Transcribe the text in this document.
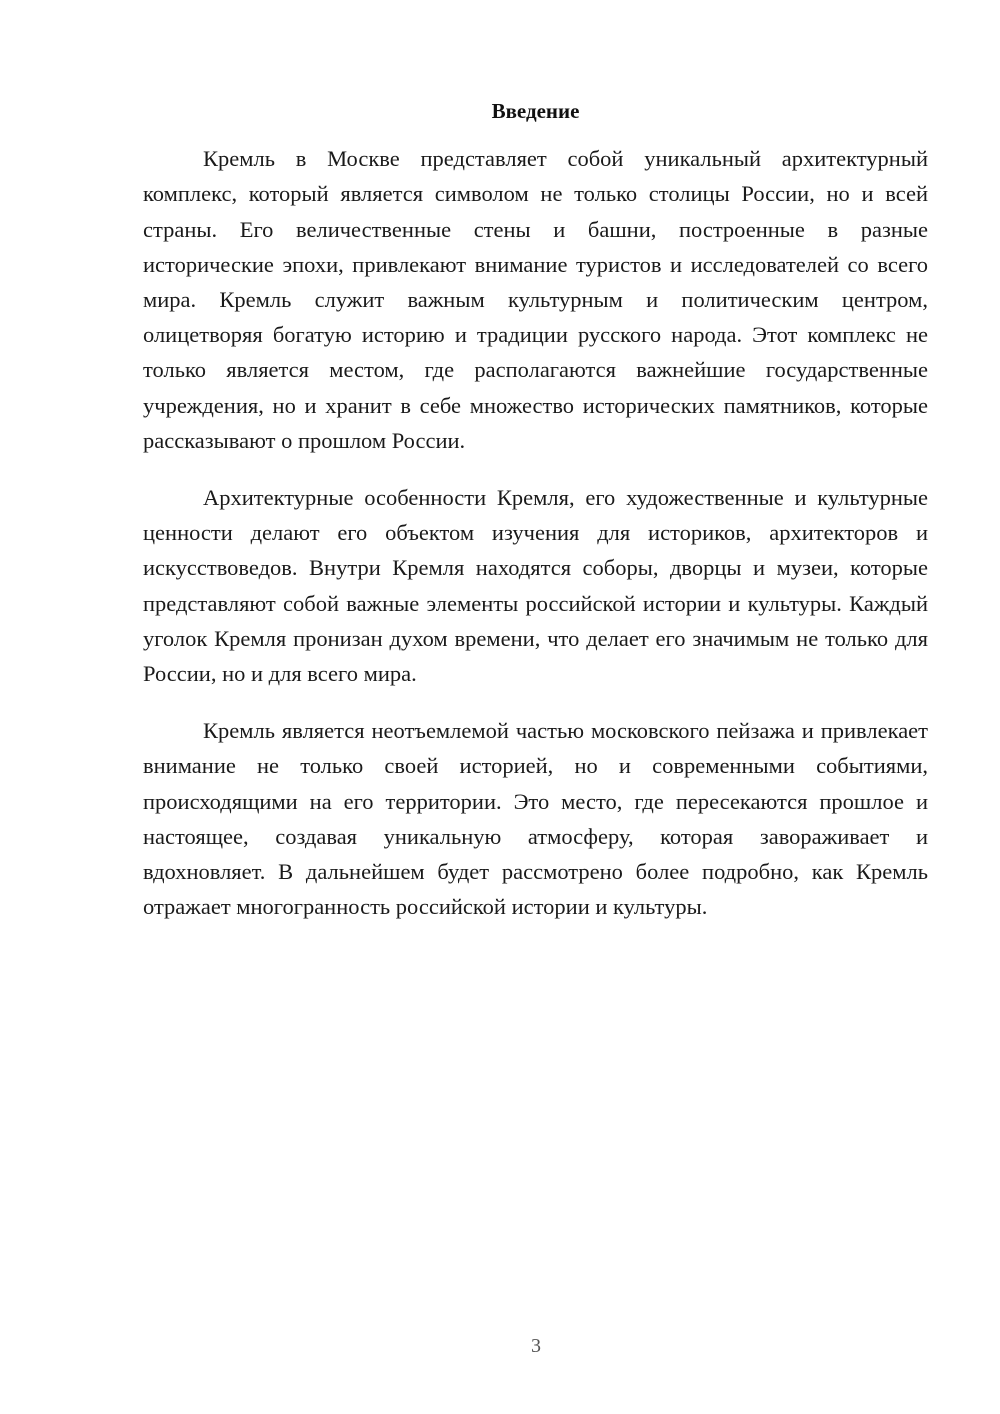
Введение

Кремль в Москве представляет собой уникальный архитектурный комплекс, который является символом не только столицы России, но и всей страны. Его величественные стены и башни, построенные в разные исторические эпохи, привлекают внимание туристов и исследователей со всего мира. Кремль служит важным культурным и политическим центром, олицетворяя богатую историю и традиции русского народа. Этот комплекс не только является местом, где располагаются важнейшие государственные учреждения, но и хранит в себе множество исторических памятников, которые рассказывают о прошлом России.

Архитектурные особенности Кремля, его художественные и культурные ценности делают его объектом изучения для историков, архитекторов и искусствоведов. Внутри Кремля находятся соборы, дворцы и музеи, которые представляют собой важные элементы российской истории и культуры. Каждый уголок Кремля пронизан духом времени, что делает его значимым не только для России, но и для всего мира.

Кремль является неотъемлемой частью московского пейзажа и привлекает внимание не только своей историей, но и современными событиями, происходящими на его территории. Это место, где пересекаются прошлое и настоящее, создавая уникальную атмосферу, которая завораживает и вдохновляет. В дальнейшем будет рассмотрено более подробно, как Кремль отражает многогранность российской истории и культуры.

3
